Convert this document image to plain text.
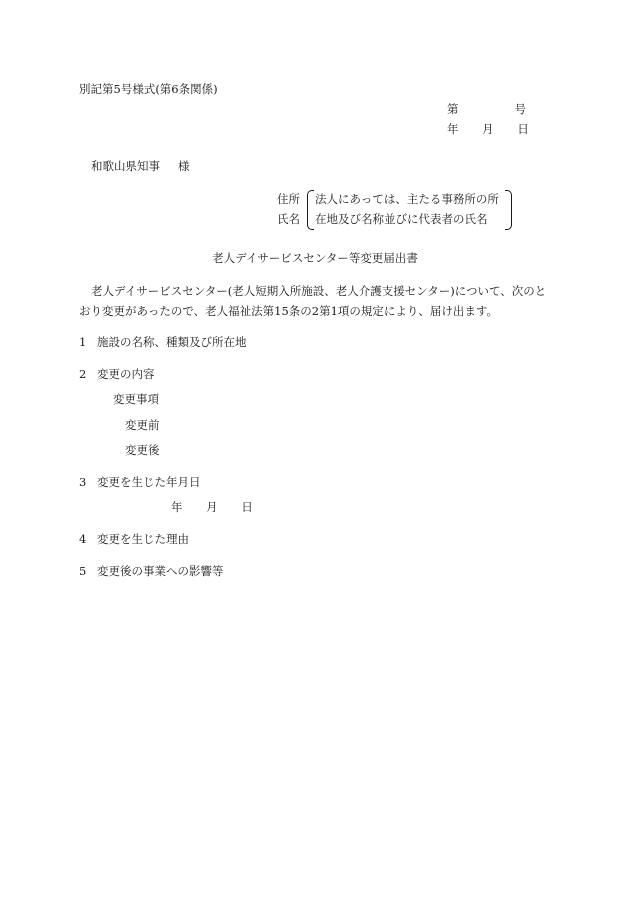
別記第5号様式(第6条関係)
第	号
年 月 日
和歌山県知事 様
住所
氏名
法人にあっては、主たる事務所の所
在地及び名称並びに代表者の氏名
老人デイサービスセンター等変更届出書

老人デイサービスセンター(老人短期入所施設、老人介護支援センター)について、次のとおり変更があったので、老人福祉法第15条の2第1項の規定により、届け出ます。

1 施設の名称、種類及び所在地
2 変更の内容
変更事項
変更前
変更後
3 変更を生じた年月日
年 月 日
4 変更を生じた理由
5 変更後の事業への影響等
